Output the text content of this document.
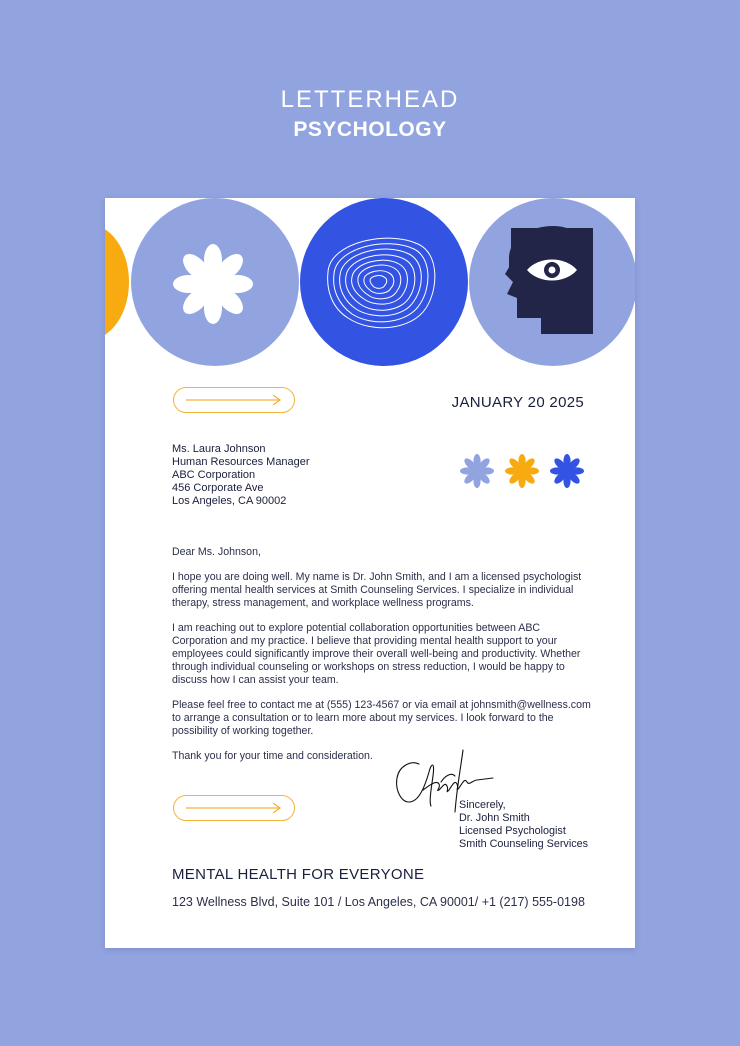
LETTERHEAD
PSYCHOLOGY
JANUARY 20 2025
Ms. Laura Johnson
Human Resources Manager
ABC Corporation
456 Corporate Ave
Los Angeles, CA 90002

Dear Ms. Johnson,

I hope you are doing well. My name is Dr. John Smith, and I am a licensed psychologist offering mental health services at Smith Counseling Services. I specialize in individual therapy, stress management, and workplace wellness programs.

I am reaching out to explore potential collaboration opportunities between ABC Corporation and my practice. I believe that providing mental health support to your employees could significantly improve their overall well-being and productivity. Whether through individual counseling or workshops on stress reduction, I would be happy to discuss how I can assist your team.

Please feel free to contact me at (555) 123-4567 or via email at johnsmith@wellness.com to arrange a consultation or to learn more about my services. I look forward to the possibility of working together.

Thank you for your time and consideration.

Sincerely,
Dr. John Smith
Licensed Psychologist
Smith Counseling Services
MENTAL HEALTH FOR EVERYONE
123 Wellness Blvd, Suite 101 / Los Angeles, CA 90001/ +1 (217) 555-0198
